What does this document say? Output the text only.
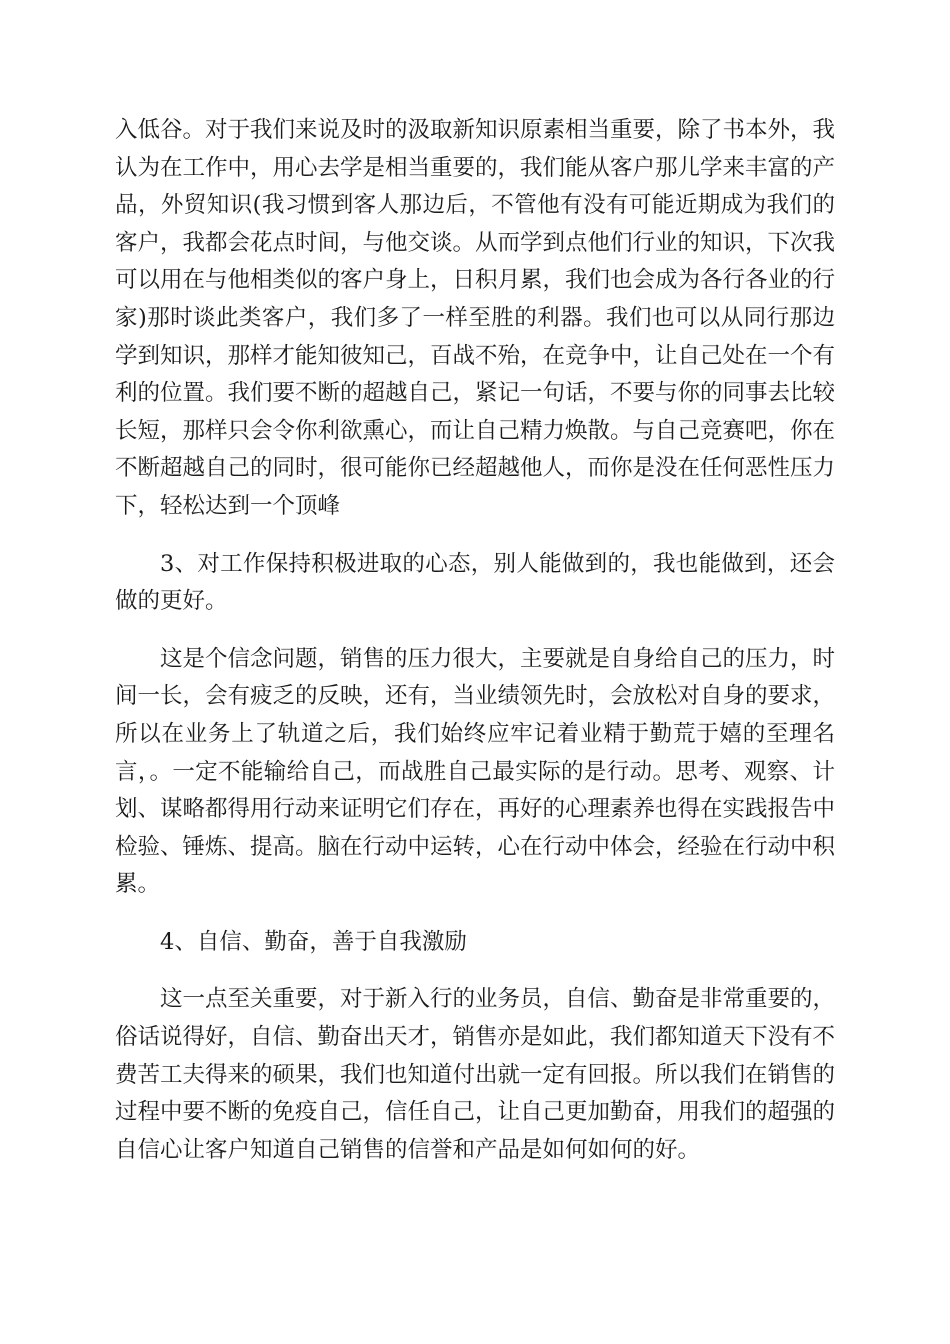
入低谷。对于我们来说及时的汲取新知识原素相当重要，除了书本外，我认为在工作中，用心去学是相当重要的，我们能从客户那儿学来丰富的产品，外贸知识(我习惯到客人那边后，不管他有没有可能近期成为我们的客户，我都会花点时间，与他交谈。从而学到点他们行业的知识，下次我可以用在与他相类似的客户身上，日积月累，我们也会成为各行各业的行家)那时谈此类客户，我们多了一样至胜的利器。我们也可以从同行那边学到知识，那样才能知彼知己，百战不殆，在竞争中，让自己处在一个有利的位置。我们要不断的超越自己，紧记一句话，不要与你的同事去比较长短，那样只会令你利欲熏心，而让自己精力焕散。与自己竞赛吧，你在不断超越自己的同时，很可能你已经超越他人，而你是没在任何恶性压力下，轻松达到一个顶峰

3、对工作保持积极进取的心态，别人能做到的，我也能做到，还会做的更好。

这是个信念问题，销售的压力很大，主要就是自身给自己的压力，时间一长，会有疲乏的反映，还有，当业绩领先时，会放松对自身的要求，所以在业务上了轨道之后，我们始终应牢记着业精于勤荒于嬉的至理名言，。一定不能输给自己，而战胜自己最实际的是行动。思考、观察、计划、谋略都得用行动来证明它们存在，再好的心理素养也得在实践报告中检验、锤炼、提高。脑在行动中运转，心在行动中体会，经验在行动中积累。

4、自信、勤奋，善于自我激励

这一点至关重要，对于新入行的业务员，自信、勤奋是非常重要的，俗话说得好，自信、勤奋出天才，销售亦是如此，我们都知道天下没有不费苦工夫得来的硕果，我们也知道付出就一定有回报。所以我们在销售的过程中要不断的免疫自己，信任自己，让自己更加勤奋，用我们的超强的自信心让客户知道自己销售的信誉和产品是如何如何的好。
